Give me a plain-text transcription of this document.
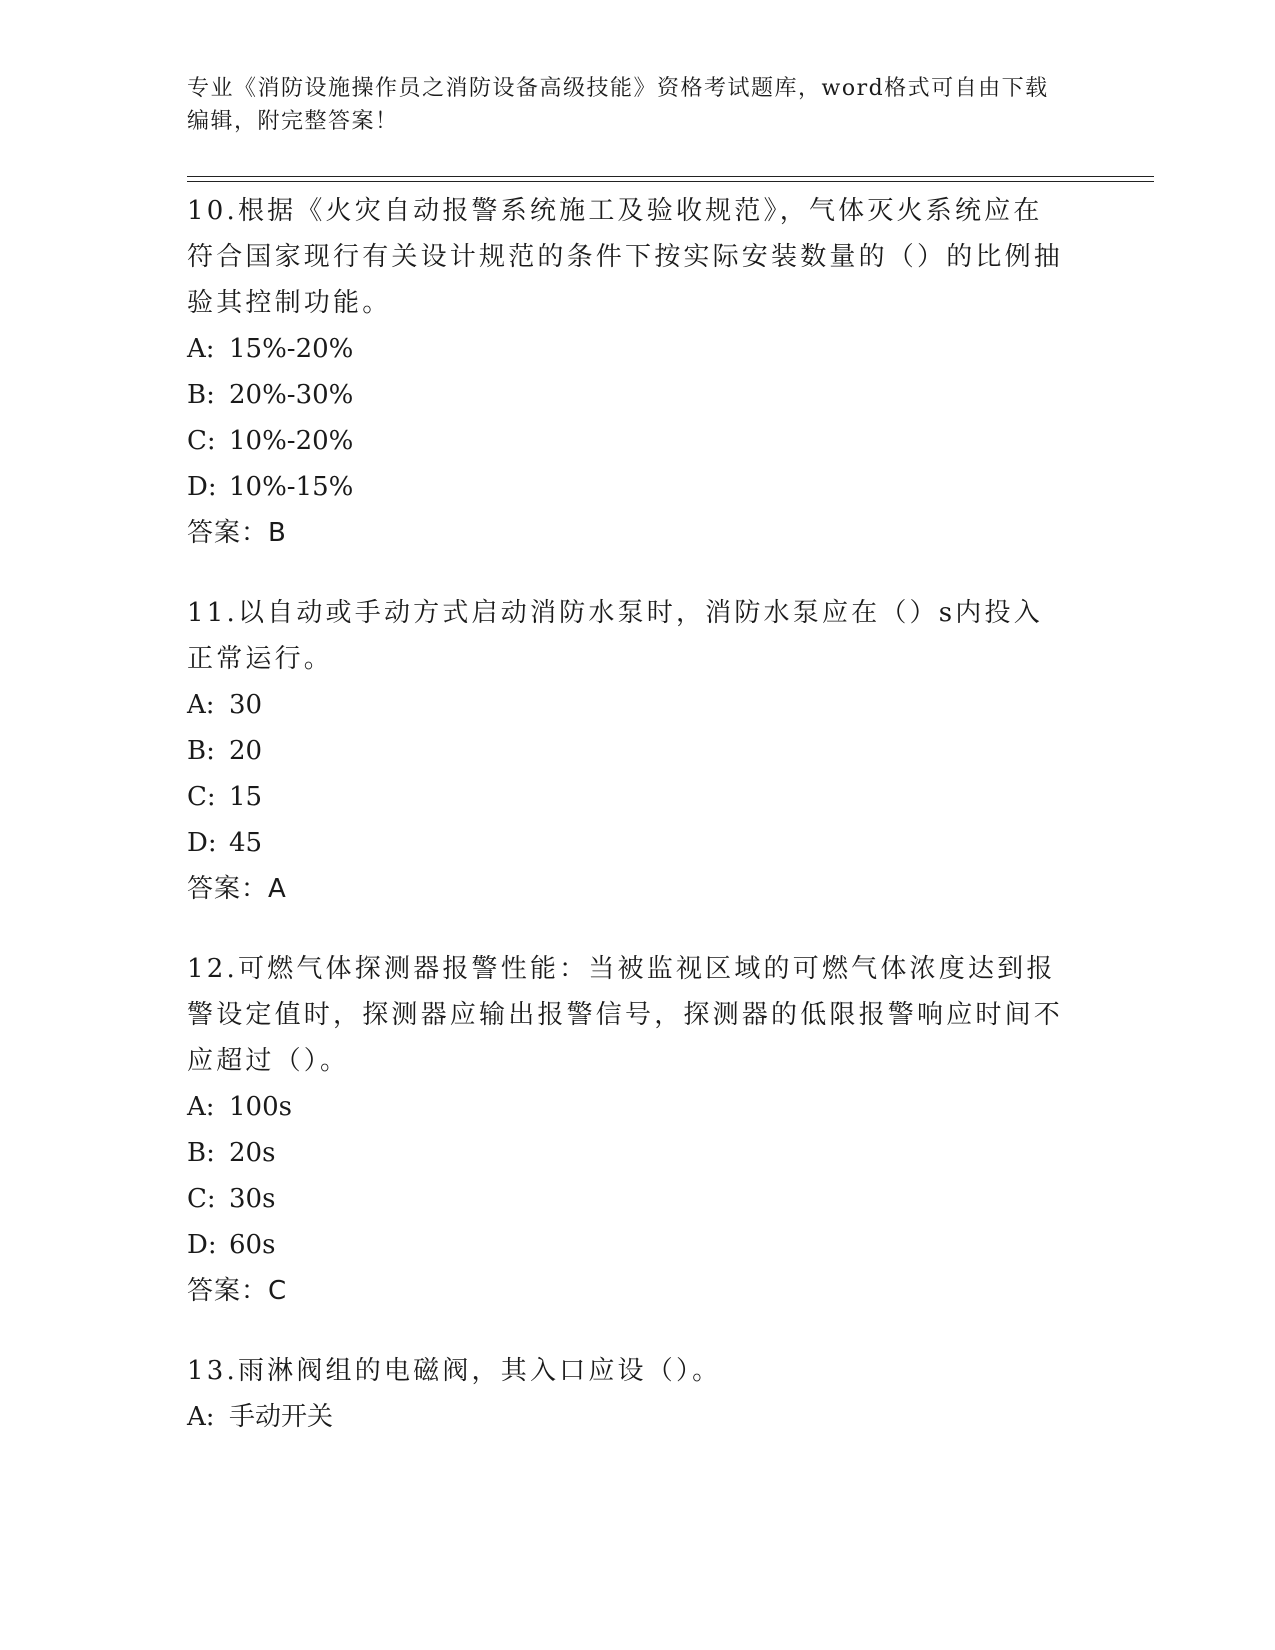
专业《消防设施操作员之消防设备高级技能》资格考试题库，word格式可自由下载编辑，附完整答案！
10.根据《火灾自动报警系统施工及验收规范》，气体灭火系统应在符合国家现行有关设计规范的条件下按实际安装数量的（）的比例抽验其控制功能。
A: 15%-20%
B: 20%-30%
C: 10%-20%
D: 10%-15%
答案：B
11.以自动或手动方式启动消防水泵时，消防水泵应在（）s内投入正常运行。
A: 30
B: 20
C: 15
D: 45
答案：A
12.可燃气体探测器报警性能：当被监视区域的可燃气体浓度达到报警设定值时，探测器应输出报警信号，探测器的低限报警响应时间不应超过（）。
A: 100s
B: 20s
C: 30s
D: 60s
答案：C
13.雨淋阀组的电磁阀，其入口应设（）。
A: 手动开关
